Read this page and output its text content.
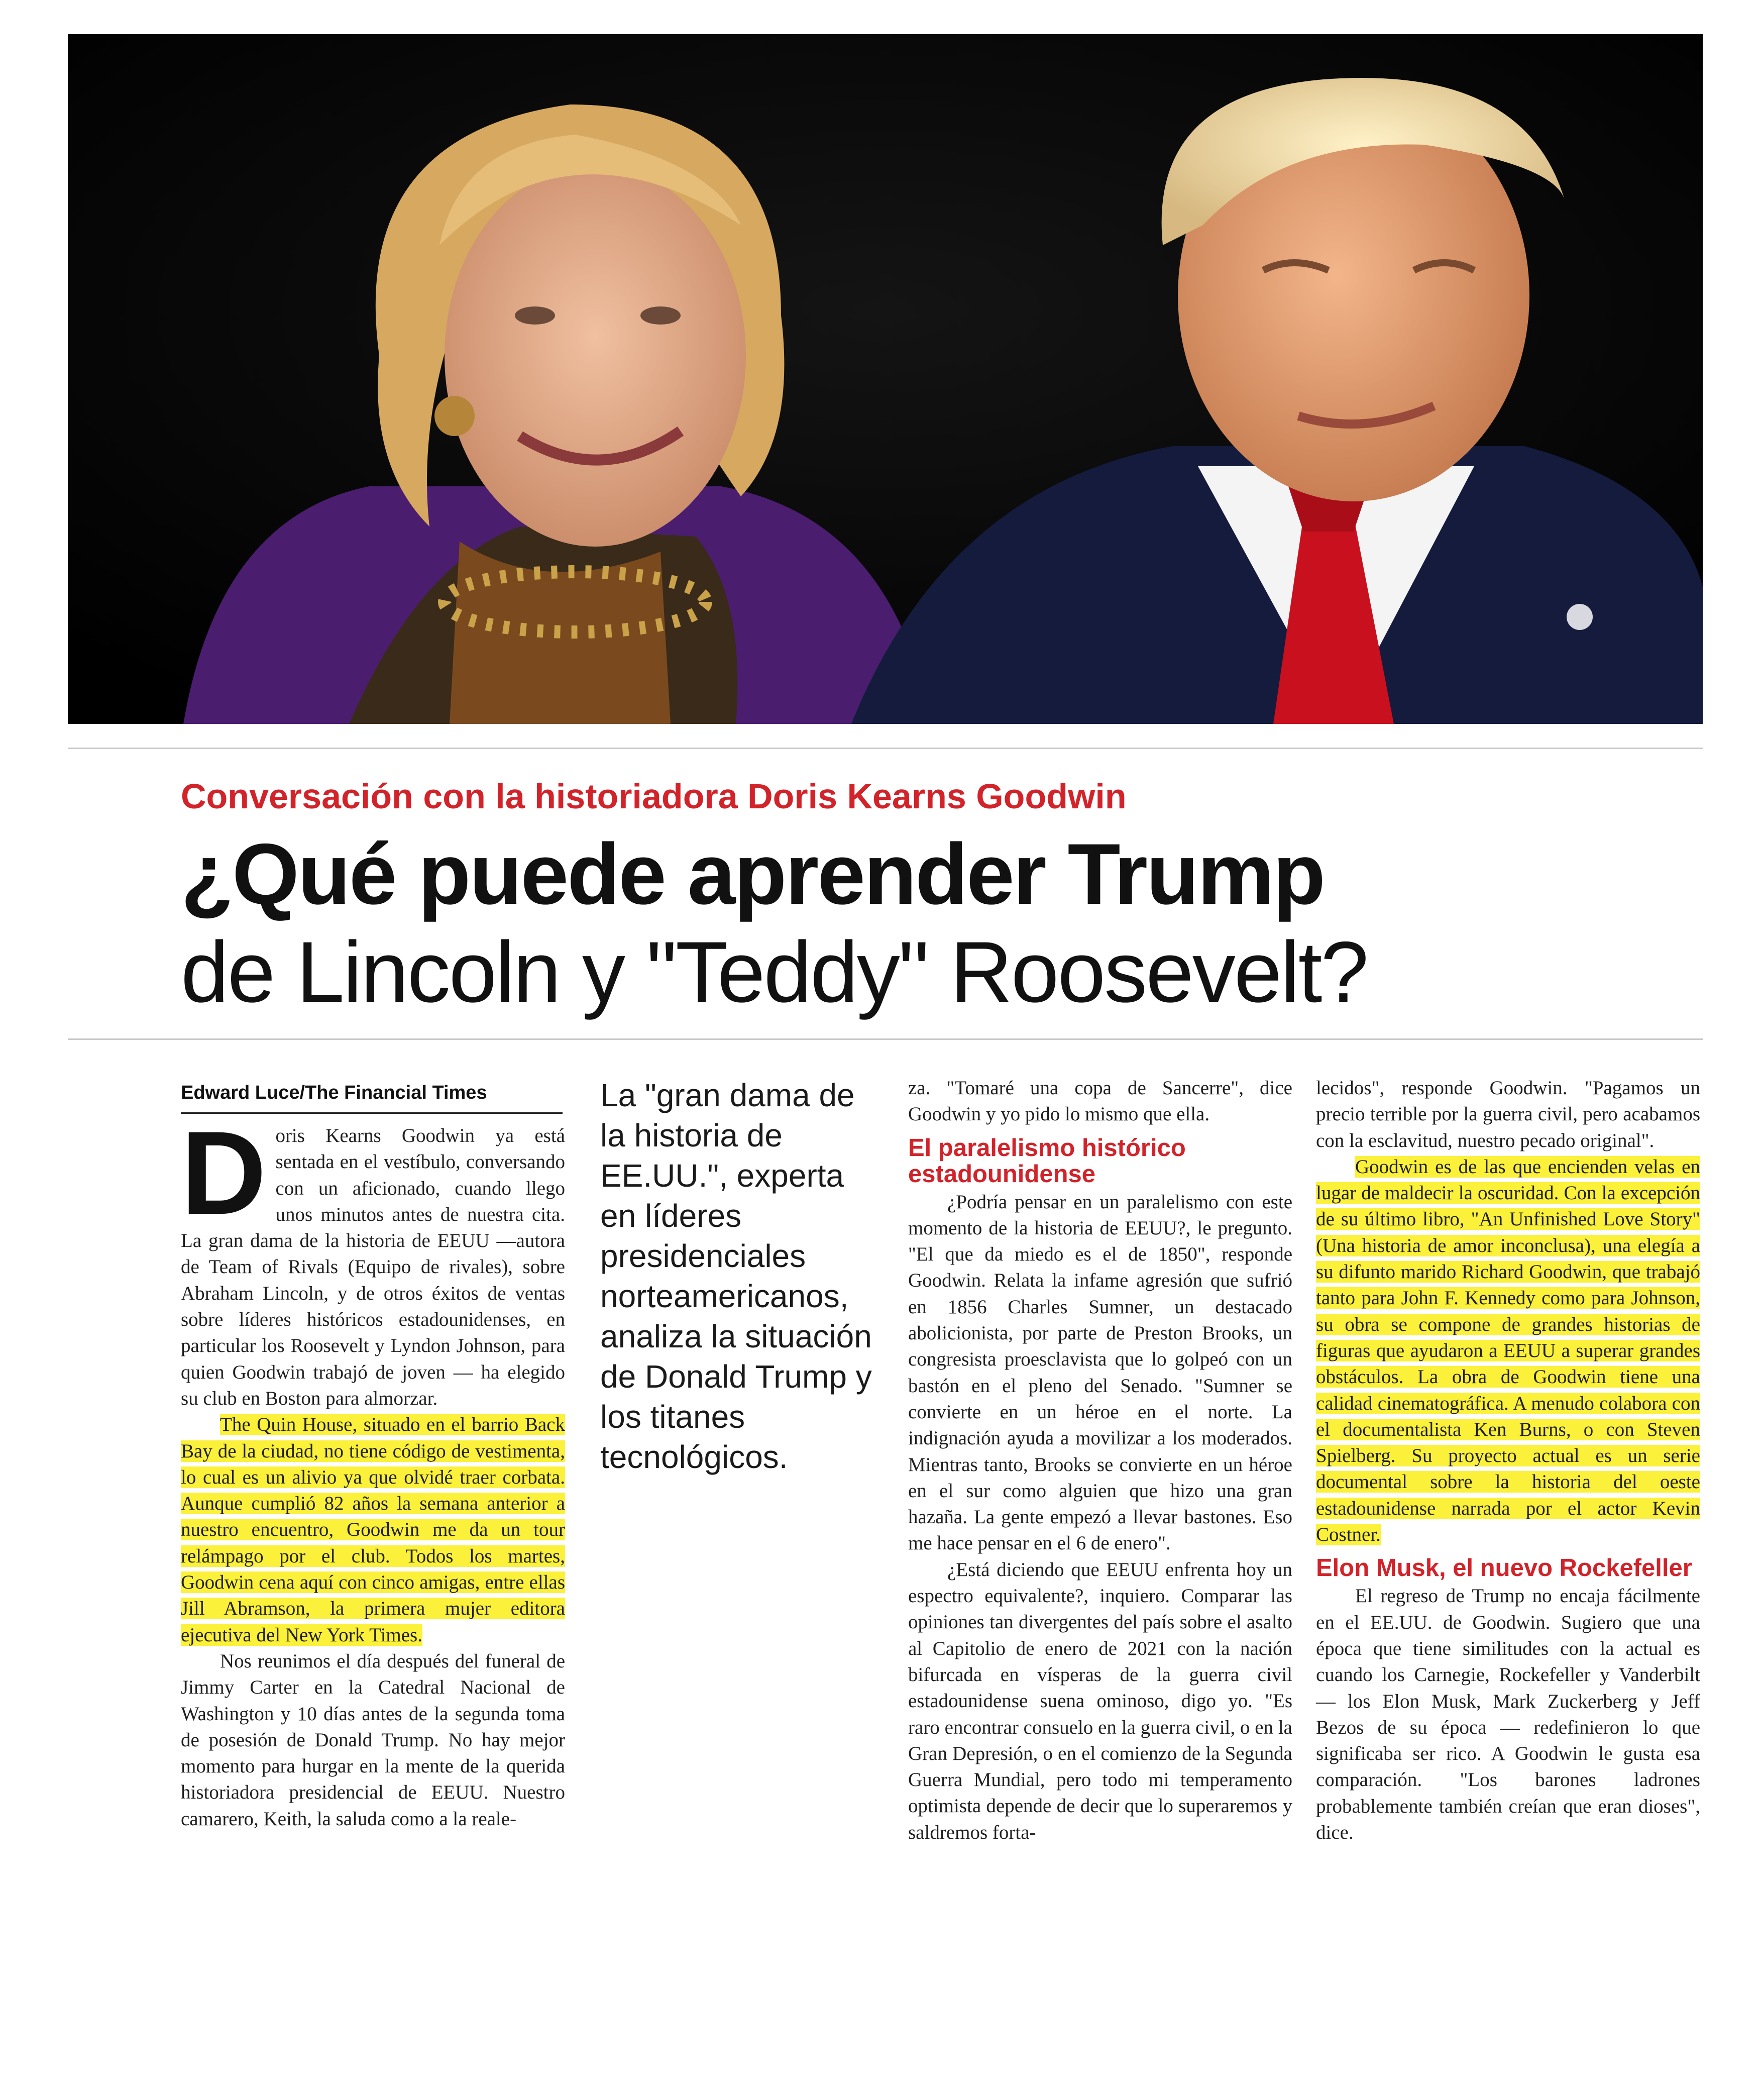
Conversación con la historiadora Doris Kearns Goodwin

¿Qué puede aprender Trump
de Lincoln y "Teddy" Roosevelt?
Edward Luce/The Financial Times

Doris Kearns Goodwin ya está sentada en el vestíbulo, conversando con un aficionado, cuando llego unos minutos antes de nuestra cita. La gran dama de la historia de EEUU —autora de Team of Rivals (Equipo de rivales), sobre Abraham Lincoln, y de otros éxitos de ventas sobre líderes históricos estadounidenses, en particular los Roosevelt y Lyndon Johnson, para quien Goodwin trabajó de joven — ha elegido su club en Boston para almorzar.

The Quin House, situado en el barrio Back Bay de la ciudad, no tiene código de vestimenta, lo cual es un alivio ya que olvidé traer corbata. Aunque cumplió 82 años la semana anterior a nuestro encuentro, Goodwin me da un tour relámpago por el club. Todos los martes, Goodwin cena aquí con cinco amigas, entre ellas Jill Abramson, la primera mujer editora ejecutiva del New York Times.

Nos reunimos el día después del funeral de Jimmy Carter en la Catedral Nacional de Washington y 10 días antes de la segunda toma de posesión de Donald Trump. No hay mejor momento para hurgar en la mente de la querida historiadora presidencial de EEUU. Nuestro camarero, Keith, la saluda como a la reale-

La "gran dama de la historia de EE.UU.", experta en líderes presidenciales norteamericanos, analiza la situación de Donald Trump y los titanes tecnológicos.

za. "Tomaré una copa de Sancerre", dice Goodwin y yo pido lo mismo que ella.

El paralelismo histórico estadounidense

¿Podría pensar en un paralelismo con este momento de la historia de EEUU?, le pregunto. "El que da miedo es el de 1850", responde Goodwin. Relata la infame agresión que sufrió en 1856 Charles Sumner, un destacado abolicionista, por parte de Preston Brooks, un congresista proesclavista que lo golpeó con un bastón en el pleno del Senado. "Sumner se convierte en un héroe en el norte. La indignación ayuda a movilizar a los moderados. Mientras tanto, Brooks se convierte en un héroe en el sur como alguien que hizo una gran hazaña. La gente empezó a llevar bastones. Eso me hace pensar en el 6 de enero".

¿Está diciendo que EEUU enfrenta hoy un espectro equivalente?, inquiero. Comparar las opiniones tan divergentes del país sobre el asalto al Capitolio de enero de 2021 con la nación bifurcada en vísperas de la guerra civil estadounidense suena ominoso, digo yo. "Es raro encontrar consuelo en la guerra civil, o en la Gran Depresión, o en el comienzo de la Segunda Guerra Mundial, pero todo mi temperamento optimista depende de decir que lo superaremos y saldremos forta-

lecidos", responde Goodwin. "Pagamos un precio terrible por la guerra civil, pero acabamos con la esclavitud, nuestro pecado original".

Goodwin es de las que encienden velas en lugar de maldecir la oscuridad. Con la excepción de su último libro, "An Unfinished Love Story" (Una historia de amor inconclusa), una elegía a su difunto marido Richard Goodwin, que trabajó tanto para John F. Kennedy como para Johnson, su obra se compone de grandes historias de figuras que ayudaron a EEUU a superar grandes obstáculos. La obra de Goodwin tiene una calidad cinematográfica. A menudo colabora con el documentalista Ken Burns, o con Steven Spielberg. Su proyecto actual es un serie documental sobre la historia del oeste estadounidense narrada por el actor Kevin Costner.

Elon Musk, el nuevo Rockefeller

El regreso de Trump no encaja fácilmente en el EE.UU. de Goodwin. Sugiero que una época que tiene similitudes con la actual es cuando los Carnegie, Rockefeller y Vanderbilt — los Elon Musk, Mark Zuckerberg y Jeff Bezos de su época — redefinieron lo que significaba ser rico. A Goodwin le gusta esa comparación. "Los barones ladrones probablemente también creían que eran dioses", dice.
